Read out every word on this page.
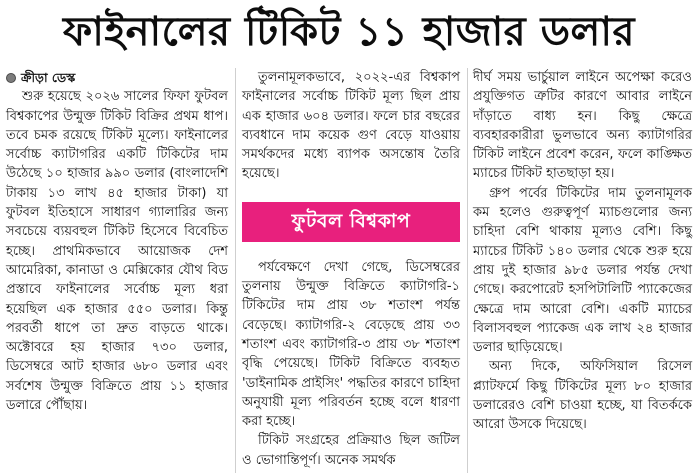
ফাইনালের টিকিট ১১ হাজার ডলার
ক্রীড়া ডেস্ক

শুরু হয়েছে ২০২৬ সালের ফিফা ফুটবল বিশ্বকাপের উন্মুক্ত টিকিট বিক্রির প্রথম ধাপ। তবে চমক রয়েছে টিকিট মূল্যে। ফাইনালের সর্বোচ্চ ক্যাটাগরির একটি টিকিটের দাম উঠেছে ১০ হাজার ৯৯০ ডলার (বাংলাদেশি টাকায় ১৩ লাখ ৪৫ হাজার টাকা) যা ফুটবল ইতিহাসে সাধারণ গ্যালারির জন্য সবচেয়ে ব্যয়বহুল টিকিট হিসেবে বিবেচিত হচ্ছে। প্রাথমিকভাবে আয়োজক দেশ আমেরিকা, কানাডা ও মেক্সিকোর যৌথ বিড প্রস্তাবে ফাইনালের সর্বোচ্চ মূল্য ধরা হয়েছিল এক হাজার ৫৫০ ডলার। কিন্তু পরবর্তী ধাপে তা দ্রুত বাড়তে থাকে। অক্টোবরে হয় হাজার ৭৩০ ডলার, ডিসেম্বরে আট হাজার ৬৮০ ডলার এবং সর্বশেষ উন্মুক্ত বিক্রিতে প্রায় ১১ হাজার ডলারে পৌঁছায়।

তুলনামূলকভাবে, ২০২২-এর বিশ্বকাপ ফাইনালের সর্বোচ্চ টিকিট মূল্য ছিল প্রায় এক হাজার ৬০৪ ডলার। ফলে চার বছরের ব্যবধানে দাম কয়েক গুণ বেড়ে যাওয়ায় সমর্থকদের মধ্যে ব্যাপক অসন্তোষ তৈরি হয়েছে।

ফুটবল বিশ্বকাপ

পর্যবেক্ষণে দেখা গেছে, ডিসেম্বরের তুলনায় উন্মুক্ত বিক্রিতে ক্যাটাগরি-১ টিকিটের দাম প্রায় ৩৮ শতাংশ পর্যন্ত বেড়েছে। ক্যাটাগরি-২ বেড়েছে প্রায় ৩৩ শতাংশ এবং ক্যাটাগরি-৩ প্রায় ৩৮ শতাংশ বৃদ্ধি পেয়েছে। টিকিট বিক্রিতে ব্যবহৃত 'ডাইনামিক প্রাইসিং' পদ্ধতির কারণে চাহিদা অনুযায়ী মূল্য পরিবর্তন হচ্ছে বলে ধারণা করা হচ্ছে।

টিকিট সংগ্রহের প্রক্রিয়াও ছিল জটিল ও ভোগান্তিপূর্ণ। অনেক সমর্থক

দীর্ঘ সময় ভার্চুয়াল লাইনে অপেক্ষা করেও প্রযুক্তিগত ত্রুটির কারণে আবার লাইনে দাঁড়াতে বাধ্য হন। কিছু ক্ষেত্রে ব্যবহারকারীরা ভুলভাবে অন্য ক্যাটাগরির টিকিট লাইনে প্রবেশ করেন, ফলে কাঙ্ক্ষিত ম্যাচের টিকিট হাতছাড়া হয়।

গ্রুপ পর্বের টিকিটের দাম তুলনামূলক কম হলেও গুরুত্বপূর্ণ ম্যাচগুলোর জন্য চাহিদা বেশি থাকায় মূল্যও বেশি। কিছু ম্যাচের টিকিট ১৪০ ডলার থেকে শুরু হয়ে প্রায় দুই হাজার ৯৮৫ ডলার পর্যন্ত দেখা গেছে। করপোরেট হসপিটালিটি প্যাকেজের ক্ষেত্রে দাম আরো বেশি। একটি ম্যাচের বিলাসবহুল প্যাকেজ এক লাখ ২৪ হাজার ডলার ছাড়িয়েছে।

অন্য দিকে, অফিসিয়াল রিসেল প্ল্যাটফর্মে কিছু টিকিটের মূল্য ৮০ হাজার ডলারেরও বেশি চাওয়া হচ্ছে, যা বিতর্ককে আরো উসকে দিয়েছে।
